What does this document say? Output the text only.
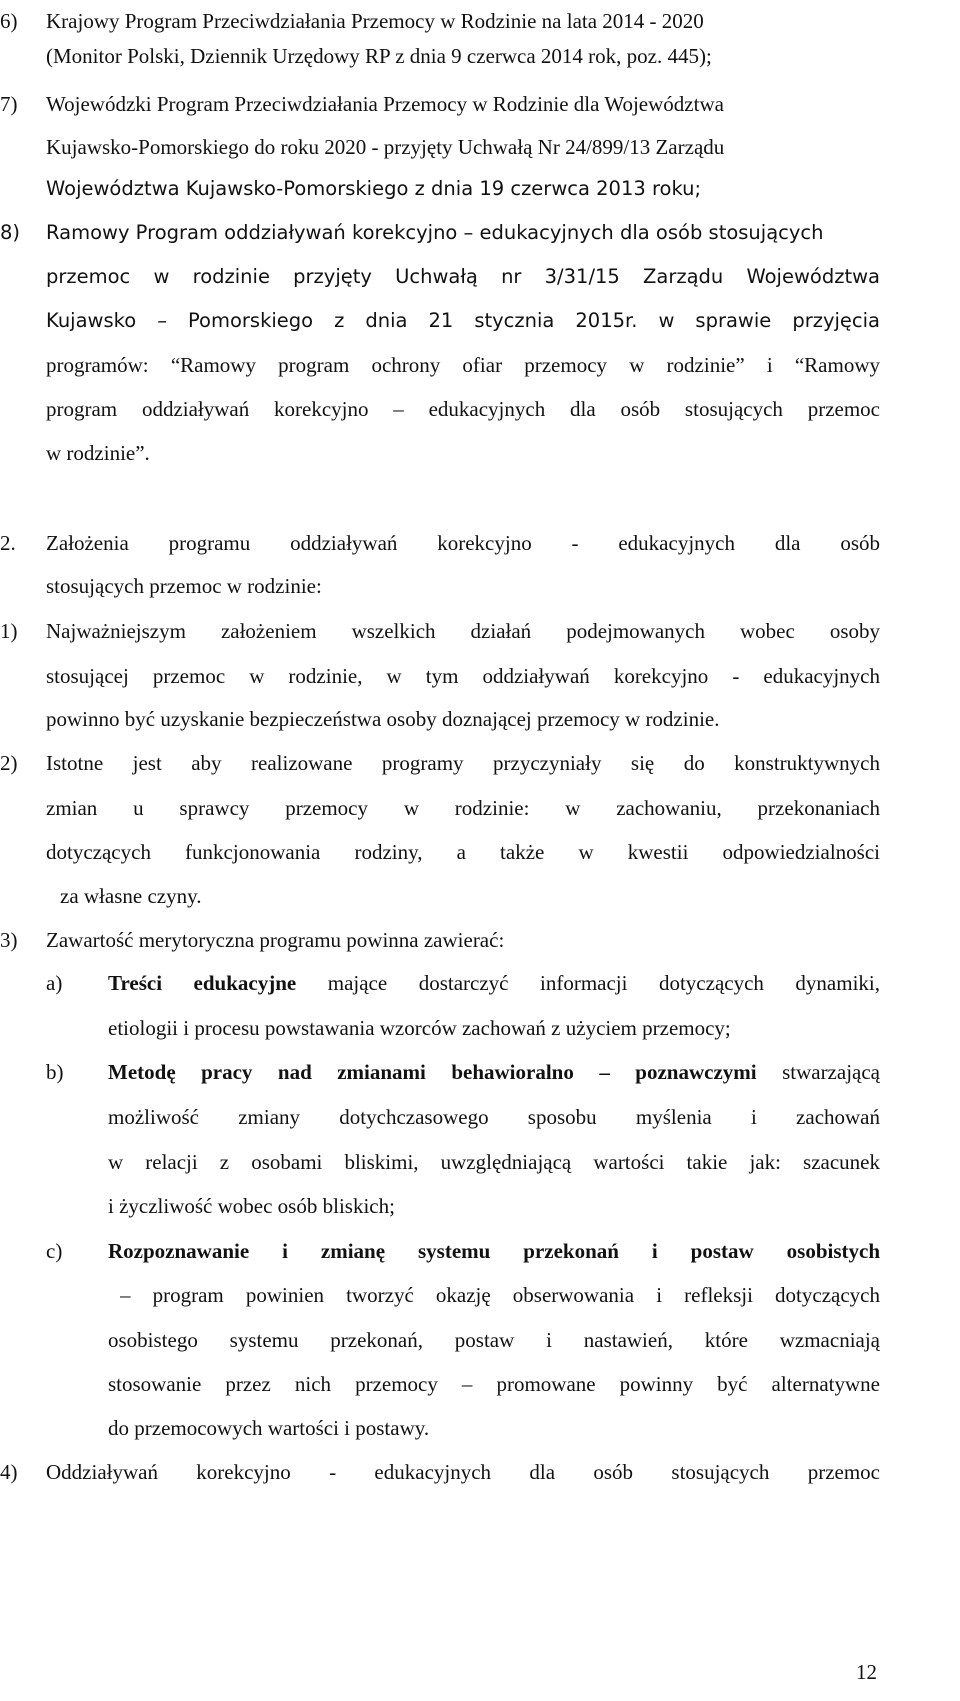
6) Krajowy Program Przeciwdziałania Przemocy w Rodzinie na lata 2014 - 2020
(Monitor Polski, Dziennik Urzędowy RP z dnia 9 czerwca 2014 rok, poz. 445);
7) Wojewódzki Program Przeciwdziałania Przemocy w Rodzinie dla Województwa
Kujawsko-Pomorskiego do roku 2020 - przyjęty Uchwałą Nr 24/899/13 Zarządu
Województwa Kujawsko-Pomorskiego z dnia 19 czerwca 2013 roku;
8) Ramowy Program oddziaływań korekcyjno – edukacyjnych dla osób stosujących
przemoc w rodzinie przyjęty Uchwałą nr 3/31/15 Zarządu Województwa
Kujawsko – Pomorskiego z dnia 21 stycznia 2015r. w sprawie przyjęcia
programów: “Ramowy program ochrony ofiar przemocy w rodzinie” i “Ramowy
program oddziaływań korekcyjno – edukacyjnych dla osób stosujących przemoc
w rodzinie”.
2. Założenia programu oddziaływań korekcyjno - edukacyjnych dla osób
stosujących przemoc w rodzinie:
1) Najważniejszym założeniem wszelkich działań podejmowanych wobec osoby
stosującej przemoc w rodzinie, w tym oddziaływań korekcyjno - edukacyjnych
powinno być uzyskanie bezpieczeństwa osoby doznającej przemocy w rodzinie.
2) Istotne jest aby realizowane programy przyczyniały się do konstruktywnych
zmian u sprawcy przemocy w rodzinie: w zachowaniu, przekonaniach
dotyczących funkcjonowania rodziny, a także w kwestii odpowiedzialności
za własne czyny.
3) Zawartość merytoryczna programu powinna zawierać:
a) Treści edukacyjne mające dostarczyć informacji dotyczących dynamiki,
etiologii i procesu powstawania wzorców zachowań z użyciem przemocy;
b) Metodę pracy nad zmianami behawioralno – poznawczymi stwarzającą
możliwość zmiany dotychczasowego sposobu myślenia i zachowań
w relacji z osobami bliskimi, uwzględniającą wartości takie jak: szacunek
i życzliwość wobec osób bliskich;
c) Rozpoznawanie i zmianę systemu przekonań i postaw osobistych
– program powinien tworzyć okazję obserwowania i refleksji dotyczących
osobistego systemu przekonań, postaw i nastawień, które wzmacniają
stosowanie przez nich przemocy – promowane powinny być alternatywne
do przemocowych wartości i postawy.
4) Oddziaływań korekcyjno - edukacyjnych dla osób stosujących przemoc
12
